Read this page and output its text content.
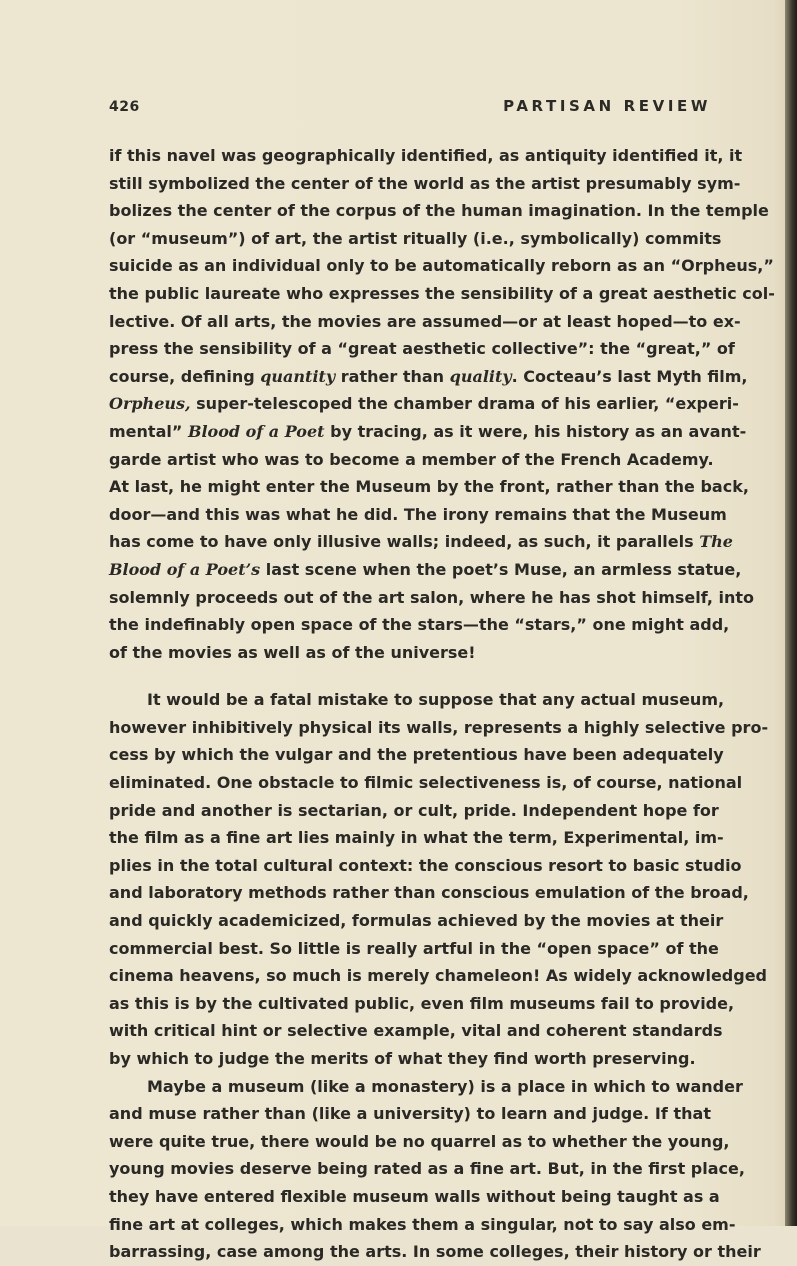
426	PARTISAN REVIEW
if this navel was geographically identified, as antiquity identified it, it
still symbolized the center of the world as the artist presumably sym-
bolizes the center of the corpus of the human imagination. In the temple
(or “museum”) of art, the artist ritually (i.e., symbolically) commits
suicide as an individual only to be automatically reborn as an “Orpheus,”
the public laureate who expresses the sensibility of a great aesthetic col-
lective. Of all arts, the movies are assumed—or at least hoped—to ex-
press the sensibility of a “great aesthetic collective”: the “great,” of
course, defining quantity rather than quality. Cocteau’s last Myth film,
Orpheus, super-telescoped the chamber drama of his earlier, “experi-
mental” Blood of a Poet by tracing, as it were, his history as an avant-
garde artist who was to become a member of the French Academy.
At last, he might enter the Museum by the front, rather than the back,
door—and this was what he did. The irony remains that the Museum
has come to have only illusive walls; indeed, as such, it parallels The
Blood of a Poet’s last scene when the poet’s Muse, an armless statue,
solemnly proceeds out of the art salon, where he has shot himself, into
the indefinably open space of the stars—the “stars,” one might add,
of the movies as well as of the universe!
It would be a fatal mistake to suppose that any actual museum,
however inhibitively physical its walls, represents a highly selective pro-
cess by which the vulgar and the pretentious have been adequately
eliminated. One obstacle to filmic selectiveness is, of course, national
pride and another is sectarian, or cult, pride. Independent hope for
the film as a fine art lies mainly in what the term, Experimental, im-
plies in the total cultural context: the conscious resort to basic studio
and laboratory methods rather than conscious emulation of the broad,
and quickly academicized, formulas achieved by the movies at their
commercial best. So little is really artful in the “open space” of the
cinema heavens, so much is merely chameleon! As widely acknowledged
as this is by the cultivated public, even film museums fail to provide,
with critical hint or selective example, vital and coherent standards
by which to judge the merits of what they find worth preserving.
Maybe a museum (like a monastery) is a place in which to wander
and muse rather than (like a university) to learn and judge. If that
were quite true, there would be no quarrel as to whether the young,
young movies deserve being rated as a fine art. But, in the first place,
they have entered flexible museum walls without being taught as a
fine art at colleges, which makes them a singular, not to say also em-
barrassing, case among the arts. In some colleges, their history or their
